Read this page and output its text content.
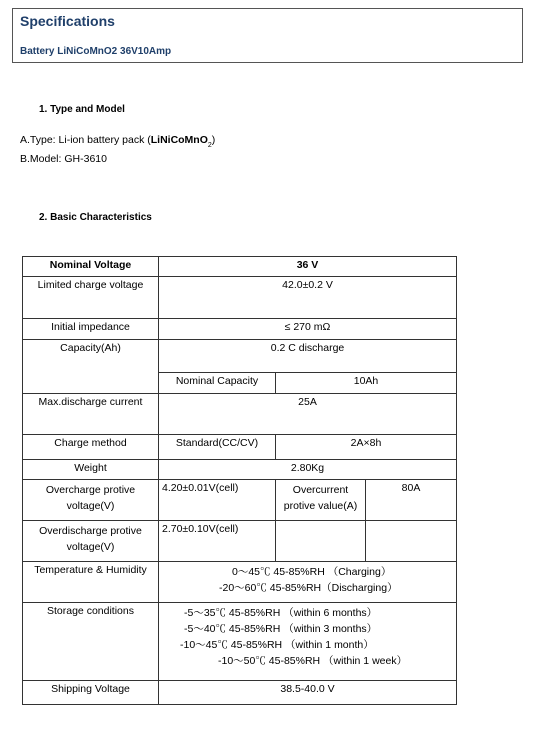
Specifications
Battery LiNiCoMnO2 36V10Amp
1. Type and Model
A.Type: Li-ion battery pack (LiNiCoMnO$_2$)
B.Model: GH-3610
2. Basic Characteristics
Nominal Voltage	36 V		
Limited charge voltage	42.0±0.2 V		
Initial impedance	≤ 270 mΩ		
Capacity(Ah)	0.2 C discharge		
	Nominal Capacity	10Ah	
Max.discharge current	25A		
Charge method	Standard(CC/CV)	2A×8h	
Weight	2.80Kg		
Overcharge protive voltage(V)	4.20±0.01V(cell)	Overcurrent protive value(A)	80A
Overdischarge protive voltage(V)	2.70±0.10V(cell)		
Temperature & Humidity	0～45℃ 45-85%RH （Charging）
-20～60℃ 45-85%RH（Discharging）		

Storage conditions	-5～35℃ 45-85%RH （within 6 months）
-5～40℃ 45-85%RH （within 3 months）
-10～45℃ 45-85%RH （within 1 month）
-10～50℃ 45-85%RH （within 1 week）		

Shipping Voltage	38.5-40.0 V		
